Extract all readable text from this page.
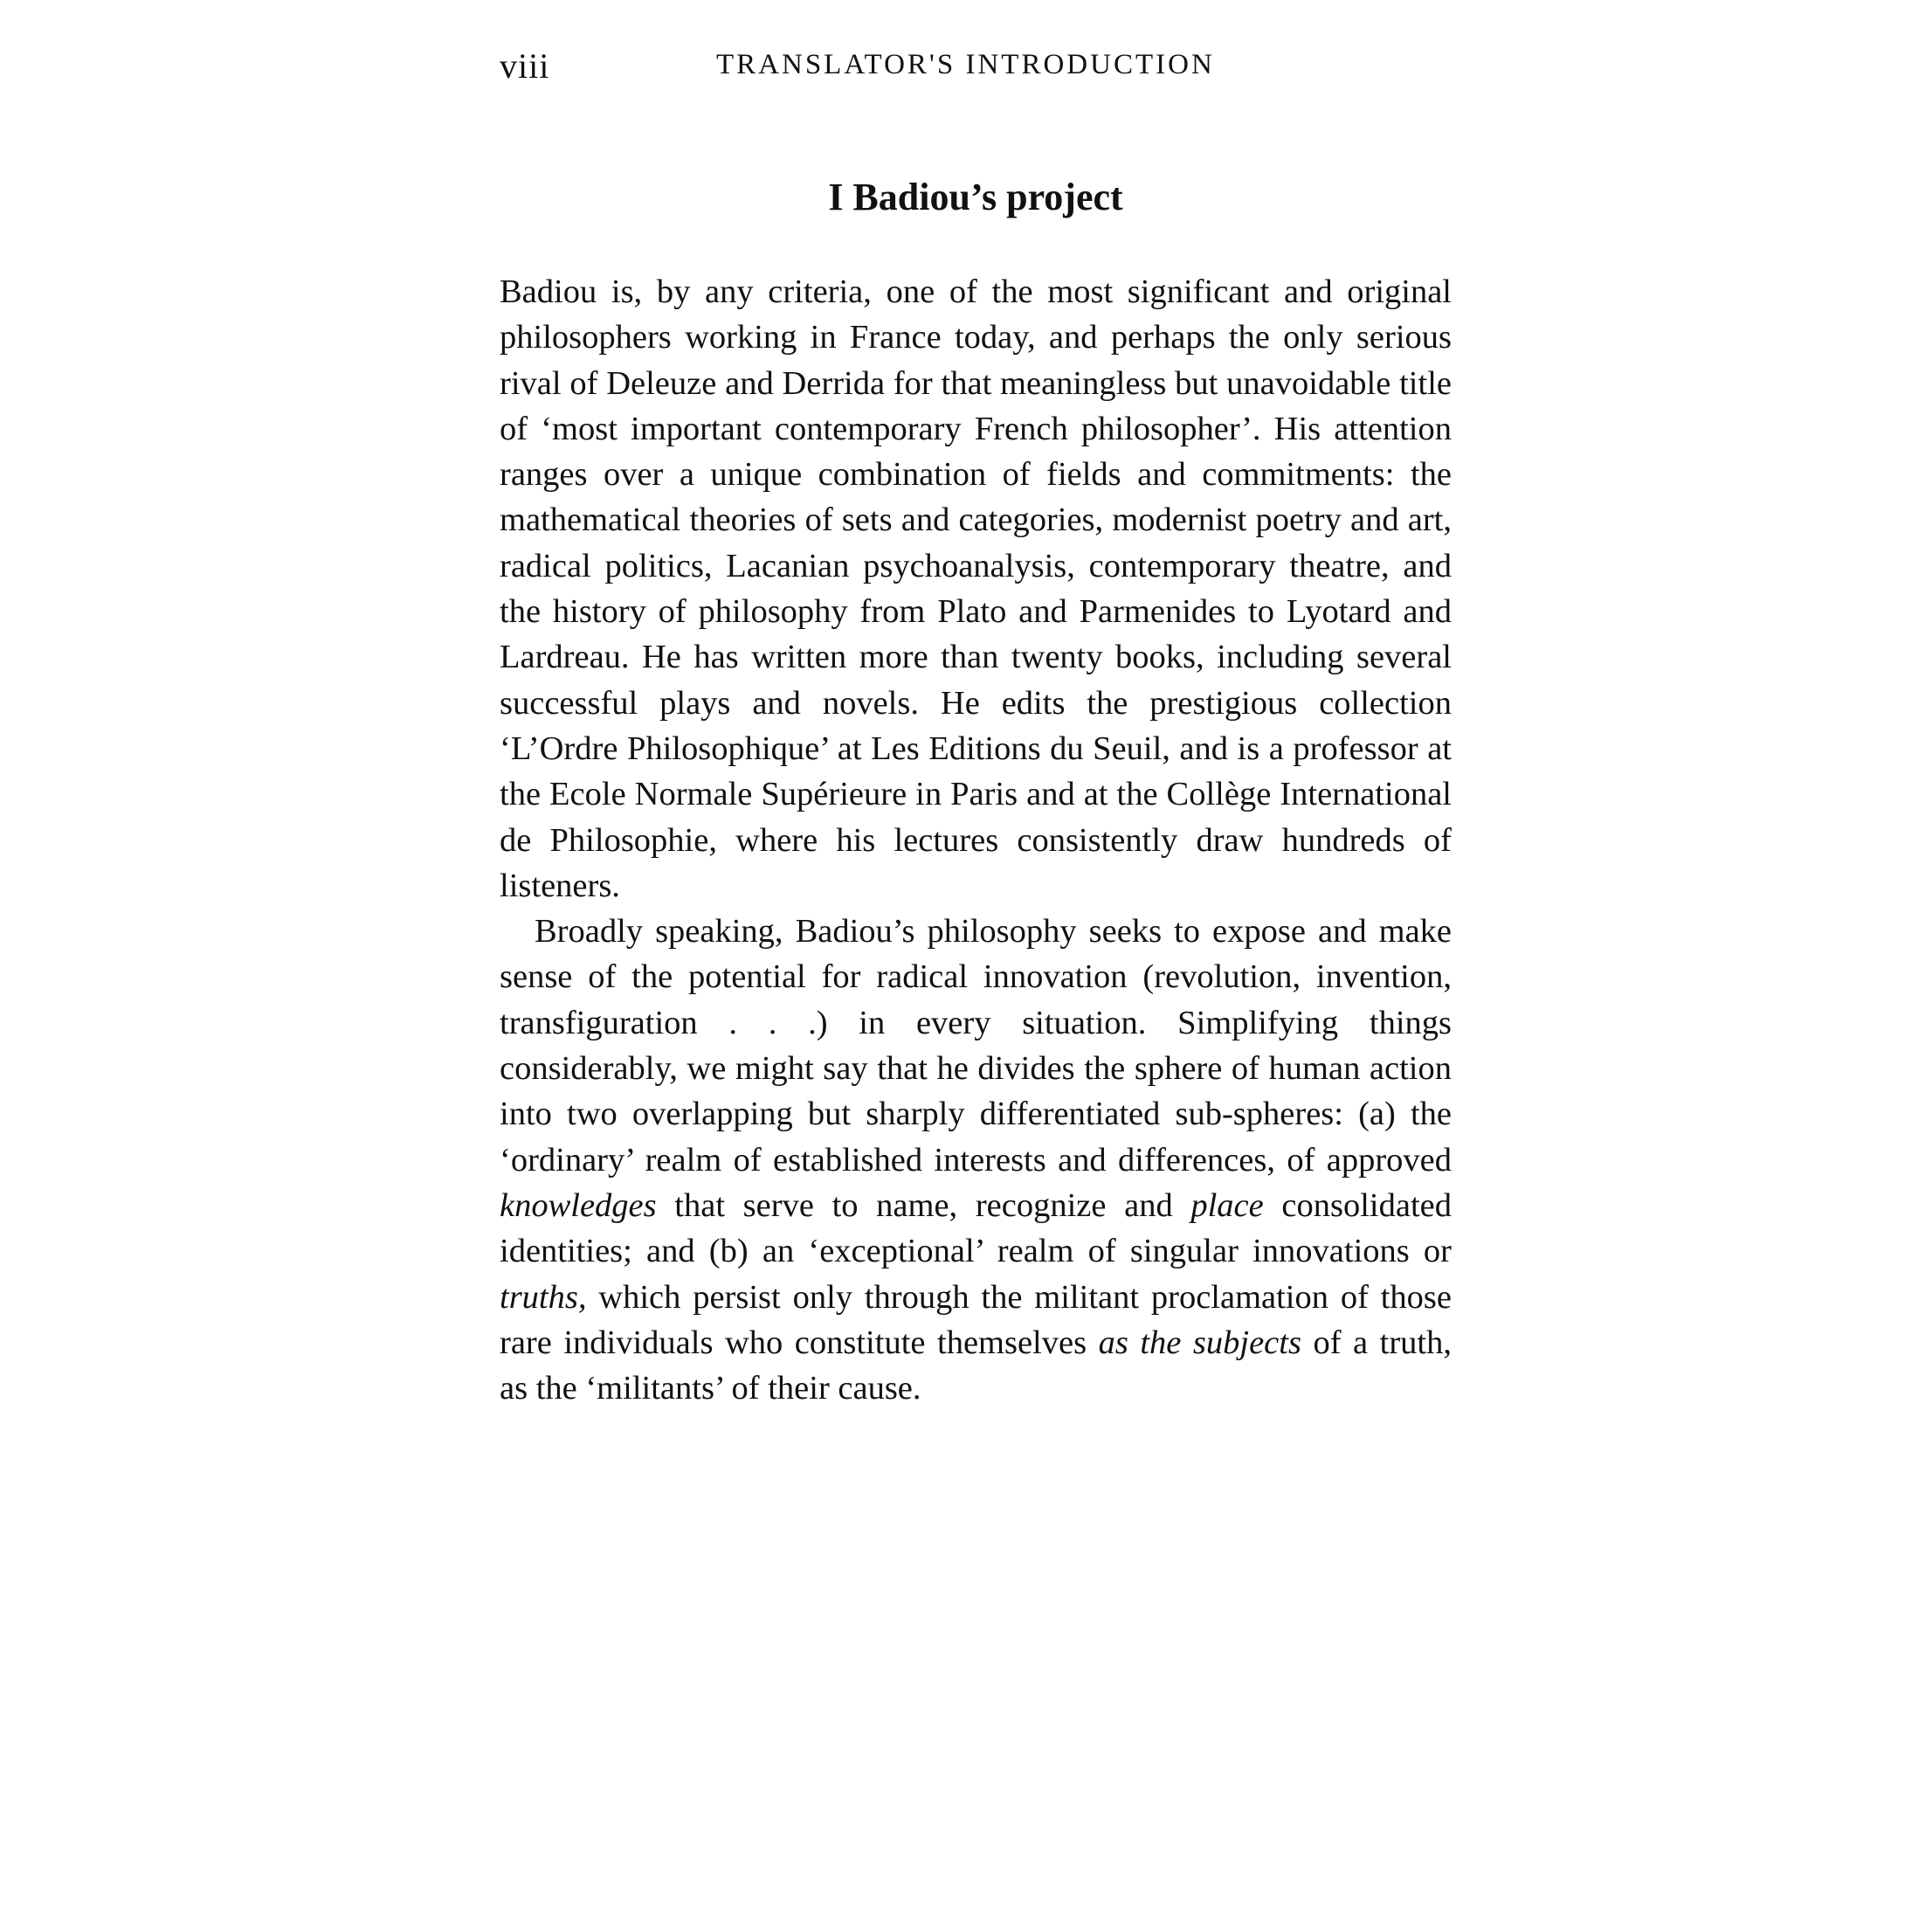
viii	TRANSLATOR'S INTRODUCTION
I Badiou’s project

Badiou is, by any criteria, one of the most significant and original philosophers working in France today, and perhaps the only serious rival of Deleuze and Derrida for that meaningless but unavoidable title of ‘most important contemporary French philosopher’. His attention ranges over a unique combination of fields and commitments: the mathematical theories of sets and categories, modernist poetry and art, radical politics, Lacanian psychoanalysis, contemporary theatre, and the history of philosophy from Plato and Parmenides to Lyotard and Lardreau. He has written more than twenty books, including several successful plays and novels. He edits the prestigious collection ‘L’Ordre Philosophique’ at Les Editions du Seuil, and is a professor at the Ecole Normale Supérieure in Paris and at the Collège International de Philosophie, where his lectures consistently draw hundreds of listeners.

Broadly speaking, Badiou’s philosophy seeks to expose and make sense of the potential for radical innovation (revolution, invention, transfiguration . . .) in every situation. Simplifying things considerably, we might say that he divides the sphere of human action into two overlapping but sharply differentiated sub-spheres: (a) the ‘ordinary’ realm of established interests and differences, of approved knowledges that serve to name, recognize and place consolidated identities; and (b) an ‘exceptional’ realm of singular innovations or truths, which persist only through the militant proclamation of those rare individuals who constitute themselves as the subjects of a truth, as the ‘militants’ of their cause.
